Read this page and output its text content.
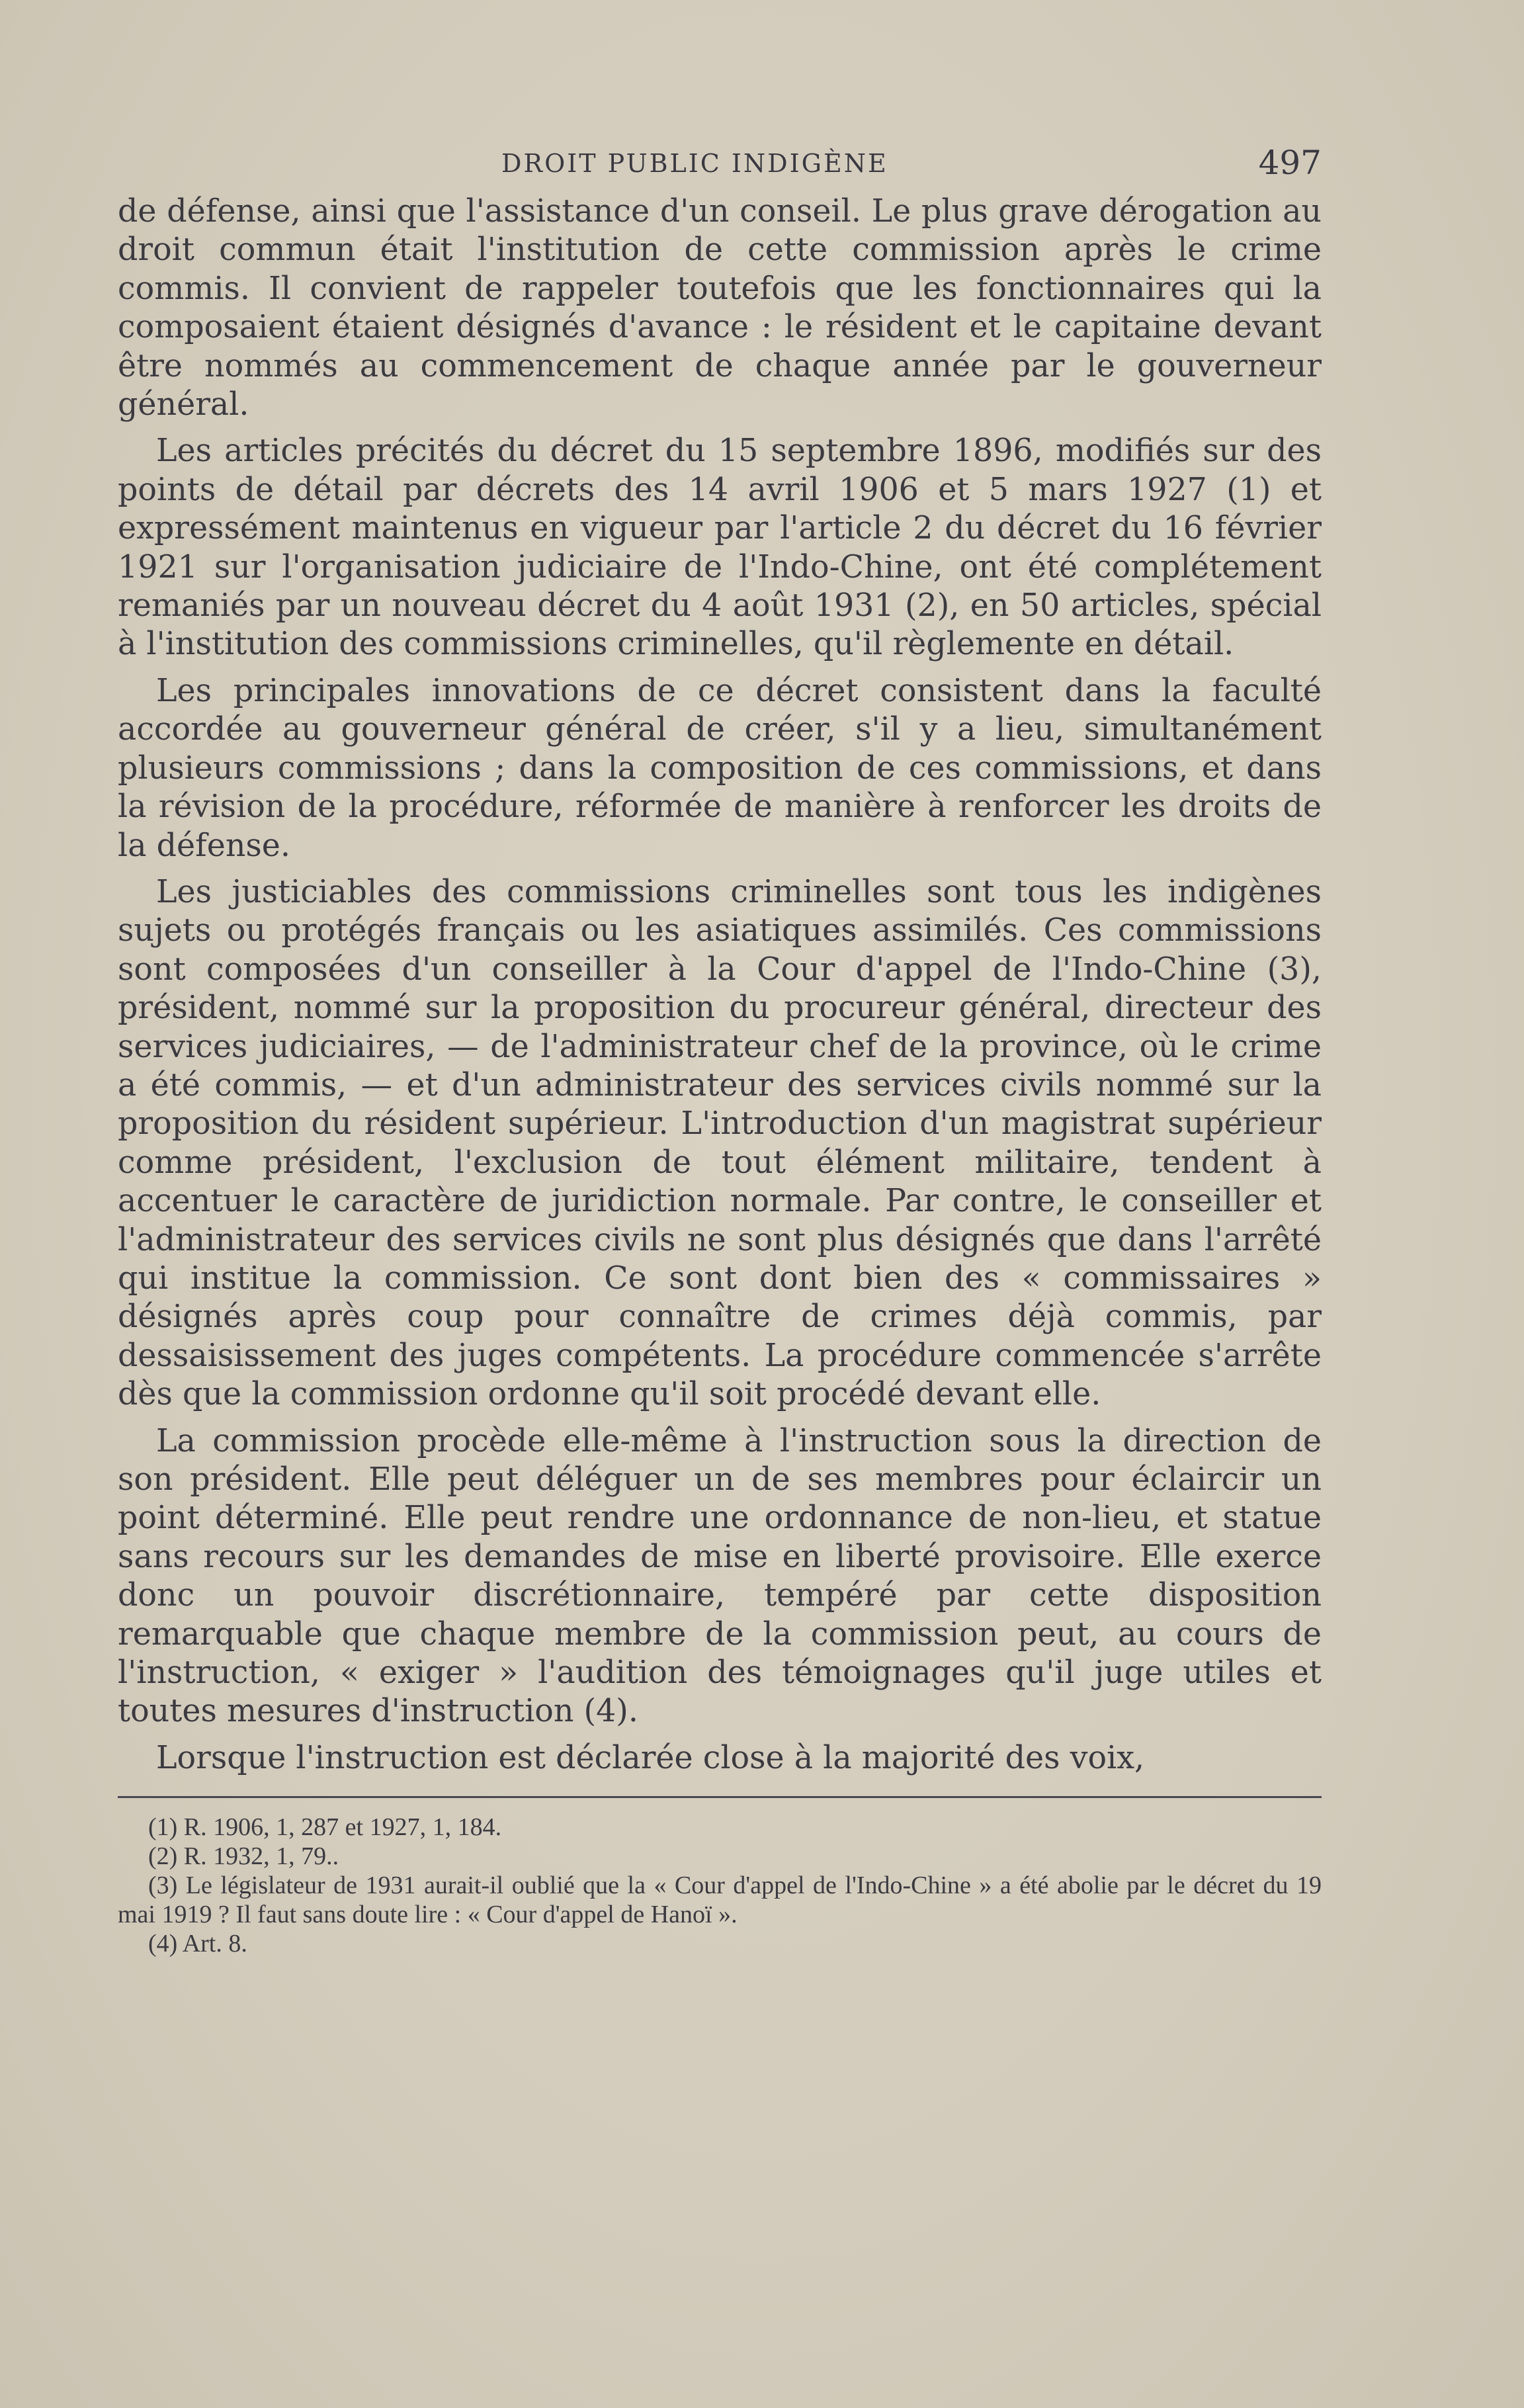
DROIT PUBLIC INDIGÈNE	497

de défense, ainsi que l'assistance d'un conseil. Le plus grave dérogation au droit commun était l'institution de cette commission après le crime commis. Il convient de rappeler toutefois que les fonctionnaires qui la composaient étaient désignés d'avance : le résident et le capitaine devant être nommés au commencement de chaque année par le gouverneur général.

Les articles précités du décret du 15 septembre 1896, modifiés sur des points de détail par décrets des 14 avril 1906 et 5 mars 1927 (1) et expressément maintenus en vigueur par l'article 2 du décret du 16 février 1921 sur l'organisation judiciaire de l'Indo-Chine, ont été complétement remaniés par un nouveau décret du 4 août 1931 (2), en 50 articles, spécial à l'institution des commissions criminelles, qu'il règlemente en détail.

Les principales innovations de ce décret consistent dans la faculté accordée au gouverneur général de créer, s'il y a lieu, simultanément plusieurs commissions ; dans la composition de ces commissions, et dans la révision de la procédure, réformée de manière à renforcer les droits de la défense.

Les justiciables des commissions criminelles sont tous les indigènes sujets ou protégés français ou les asiatiques assimilés. Ces commissions sont composées d'un conseiller à la Cour d'appel de l'Indo-Chine (3), président, nommé sur la proposition du procureur général, directeur des services judiciaires, — de l'administrateur chef de la province, où le crime a été commis, — et d'un administrateur des services civils nommé sur la proposition du résident supérieur. L'introduction d'un magistrat supérieur comme président, l'exclusion de tout élément militaire, tendent à accentuer le caractère de juridiction normale. Par contre, le conseiller et l'administrateur des services civils ne sont plus désignés que dans l'arrêté qui institue la commission. Ce sont dont bien des « commissaires » désignés après coup pour connaître de crimes déjà commis, par dessaisissement des juges compétents. La procédure commencée s'arrête dès que la commission ordonne qu'il soit procédé devant elle.

La commission procède elle-même à l'instruction sous la direction de son président. Elle peut déléguer un de ses membres pour éclaircir un point déterminé. Elle peut rendre une ordonnance de non-lieu, et statue sans recours sur les demandes de mise en liberté provisoire. Elle exerce donc un pouvoir discrétionnaire, tempéré par cette disposition remarquable que chaque membre de la commission peut, au cours de l'instruction, « exiger » l'audition des témoignages qu'il juge utiles et toutes mesures d'instruction (4).

Lorsque l'instruction est déclarée close à la majorité des voix,

(1) R. 1906, 1, 287 et 1927, 1, 184.

(2) R. 1932, 1, 79..

(3) Le législateur de 1931 aurait-il oublié que la « Cour d'appel de l'Indo-Chine » a été abolie par le décret du 19 mai 1919 ? Il faut sans doute lire : « Cour d'appel de Hanoï ».

(4) Art. 8.
